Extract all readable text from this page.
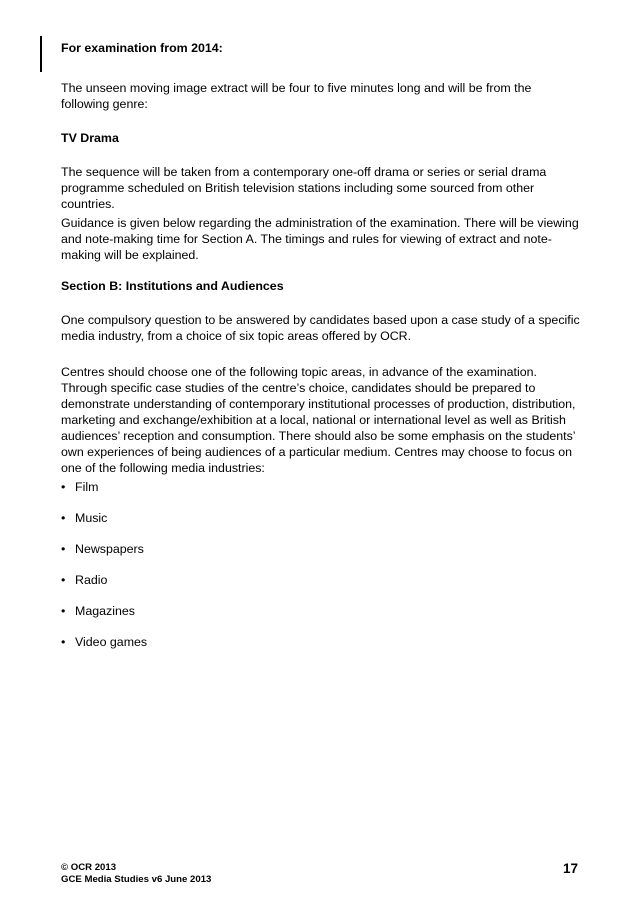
For examination from 2014:

The unseen moving image extract will be four to five minutes long and will be from the following genre:

TV Drama

The sequence will be taken from a contemporary one-off drama or series or serial drama programme scheduled on British television stations including some sourced from other countries.

Guidance is given below regarding the administration of the examination. There will be viewing and note-making time for Section A. The timings and rules for viewing of extract and note-making will be explained.

Section B: Institutions and Audiences

One compulsory question to be answered by candidates based upon a case study of a specific media industry, from a choice of six topic areas offered by OCR.

Centres should choose one of the following topic areas, in advance of the examination. Through specific case studies of the centre’s choice, candidates should be prepared to demonstrate understanding of contemporary institutional processes of production, distribution, marketing and exchange/exhibition at a local, national or international level as well as British audiences’ reception and consumption. There should also be some emphasis on the students’ own experiences of being audiences of a particular medium. Centres may choose to focus on one of the following media industries:

• Film
• Music
• Newspapers
• Radio
• Magazines
• Video games
© OCR 2013
GCE Media Studies v6 June 2013
17
